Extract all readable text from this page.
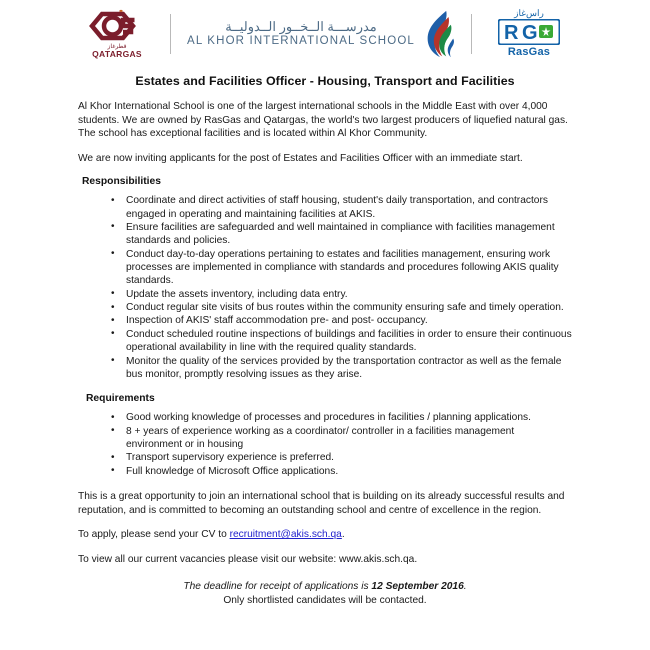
قطرغاز
QATARGAS
مدرســـة الــخــور الــدوليــة
AL KHOR INTERNATIONAL SCHOOL
راس‌غاز
R G
RasGas
Estates and Facilities Officer - Housing, Transport and Facilities

Al Khor International School is one of the largest international schools in the Middle East with over 4,000 students. We are owned by RasGas and Qatargas, the world's two largest producers of liquefied natural gas. The school has exceptional facilities and is located within Al Khor Community.

We are now inviting applicants for the post of Estates and Facilities Officer with an immediate start.

Responsibilities
• Coordinate and direct activities of staff housing, student's daily transportation, and contractors engaged in operating and maintaining facilities at AKIS.
• Ensure facilities are safeguarded and well maintained in compliance with facilities management standards and policies.
• Conduct day-to-day operations pertaining to estates and facilities management, ensuring work processes are implemented in compliance with standards and procedures following AKIS quality standards.
• Update the assets inventory, including data entry.
• Conduct regular site visits of bus routes within the community ensuring safe and timely operation.
• Inspection of AKIS' staff accommodation pre- and post- occupancy.
• Conduct scheduled routine inspections of buildings and facilities in order to ensure their continuous operational availability in line with the required quality standards.
• Monitor the quality of the services provided by the transportation contractor as well as the female bus monitor, promptly resolving issues as they arise.
Requirements
• Good working knowledge of processes and procedures in facilities / planning applications.
• 8 + years of experience working as a coordinator/ controller in a facilities management environment or in housing
• Transport supervisory experience is preferred.
• Full knowledge of Microsoft Office applications.

This is a great opportunity to join an international school that is building on its already successful results and reputation, and is committed to becoming an outstanding school and centre of excellence in the region.

To apply, please send your CV to recruitment@akis.sch.qa.

To view all our current vacancies please visit our website: www.akis.sch.qa.

The deadline for receipt of applications is 12 September 2016.
Only shortlisted candidates will be contacted.
